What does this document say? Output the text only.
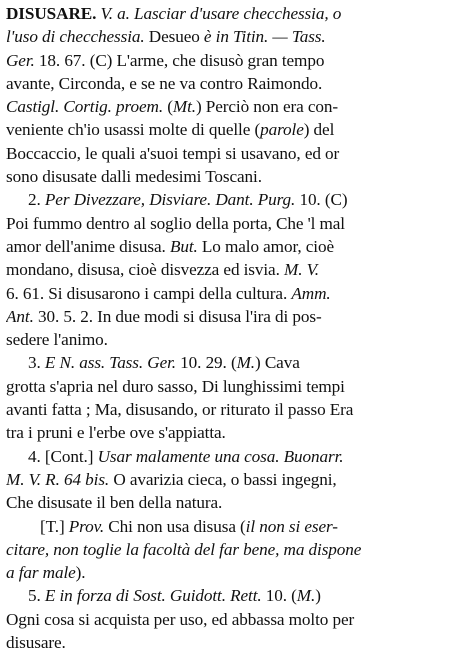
DISUSARE. V. a. Lasciar d'usare checchessia, o
l'uso di checchessia. Desueo è in Titin. — Tass.
Ger. 18. 67. (C) L'arme, che disusò gran tempo
avante, Circonda, e se ne va contro Raimondo.
Castigl. Cortig. proem. (Mt.) Perciò non era con-
veniente ch'io usassi molte di quelle (parole) del
Boccaccio, le quali a'suoi tempi si usavano, ed or
sono disusate dalli medesimi Toscani.
2. Per Divezzare, Disviare. Dant. Purg. 10. (C)
Poi fummo dentro al soglio della porta, Che 'l mal
amor dell'anime disusa. But. Lo malo amor, cioè
mondano, disusa, cioè disvezza ed isvia. M. V.
6. 61. Si disusarono i campi della cultura. Amm.
Ant. 30. 5. 2. In due modi si disusa l'ira di pos-
sedere l'animo.
3. E N. ass. Tass. Ger. 10. 29. (M.) Cava
grotta s'apria nel duro sasso, Di lunghissimi tempi
avanti fatta ; Ma, disusando, or riturato il passo Era
tra i pruni e l'erbe ove s'appiatta.
4. [Cont.] Usar malamente una cosa. Buonarr.
M. V. R. 64 bis. O avarizia cieca, o bassi ingegni,
Che disusate il ben della natura.
[T.] Prov. Chi non usa disusa (il non si eser-
citare, non toglie la facoltà del far bene, ma dispone
a far male).
5. E in forza di Sost. Guidott. Rett. 10. (M.)
Ogni cosa si acquista per uso, ed abbassa molto per
disusare.
